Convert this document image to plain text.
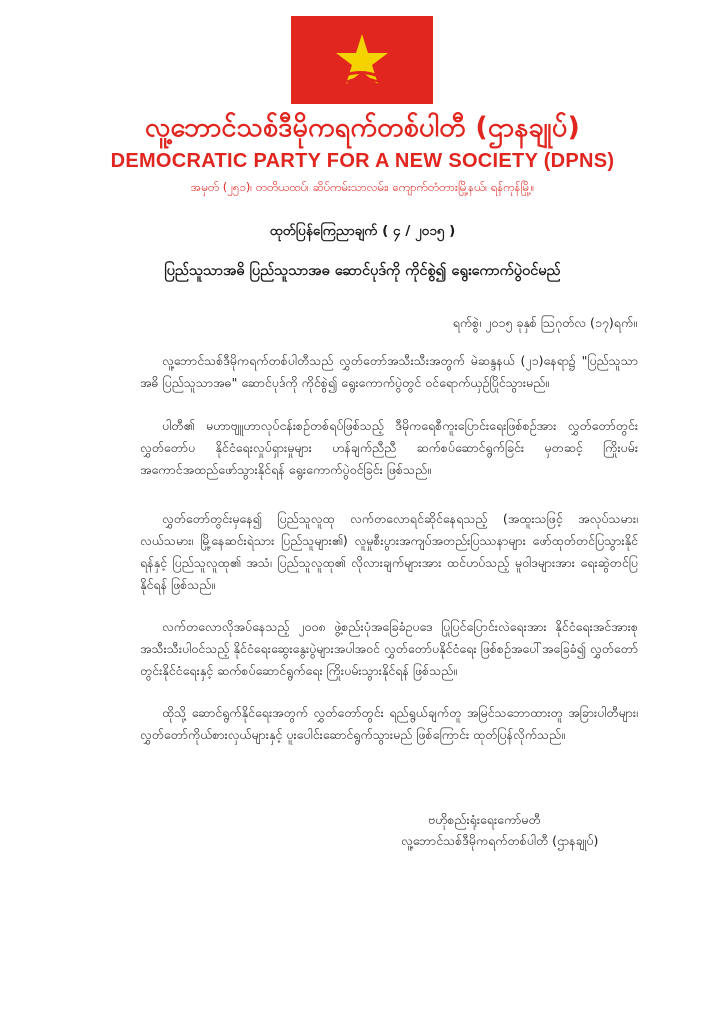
လူ့ဘောင်သစ်ဒီမိုကရက်တစ်ပါတီ (ဌာနချုပ်)
DEMOCRATIC PARTY FOR A NEW SOCIETY (DPNS)
အမှတ် (၂၅၁)၊ တတိယထပ်၊ ဆိပ်ကမ်းသာလမ်း၊ ကျောက်တံတားမြို့နယ်၊ ရန်ကုန်မြို့။
ထုတ်ပြန်ကြေညာချက် ( ၄ / ၂၀၁၅ )
ပြည်သူသာအဓိ ပြည်သူသာအဓ ဆောင်ပုဒ်ကို ကိုင်စွဲ၍ ရွေးကောက်ပွဲဝင်မည်
ရက်စွဲ၊ ၂၀၁၅ ခုနှစ် ဩဂုတ်လ (၁၇)ရက်။

လူ့ဘောင်သစ်ဒီမိုကရက်တစ်ပါတီသည် လွှတ်တော်အသီးသီးအတွက် မဲဆန္ဒနယ် (၂၁)နေရာ၌ "ပြည်သူသာအဓိ ပြည်သူသာအဓ" ဆောင်ပုဒ်ကို ကိုင်စွဲ၍ ရွေးကောက်ပွဲတွင် ဝင်ရောက်ယှဉ်ပြိုင်သွားမည်။

ပါတီ၏ မဟာဗျူဟာလုပ်ငန်းစဉ်တစ်ရပ်ဖြစ်သည့် ဒီမိုကရေစီကူးပြောင်းရေးဖြစ်စဉ်အား လွှတ်တော်တွင်း လွှတ်တော်ပ နိုင်ငံရေးလှုပ်ရှားမှုများ ဟန်ချက်ညီညီ ဆက်စပ်ဆောင်ရွက်ခြင်း မှတဆင့် ကြိုးပမ်းအကောင်အထည်ဖော်သွားနိုင်ရန် ရွေးကောက်ပွဲဝင်ခြင်း ဖြစ်သည်။

လွှတ်တော်တွင်းမှနေ၍ ပြည်သူလူထု လက်တလောရင်ဆိုင်နေရသည့် (အထူးသဖြင့် အလုပ်သမား၊ လယ်သမား၊ မြို့နေဆင်းရဲသား ပြည်သူများ၏) လူမှုစီးပွားအကျပ်အတည်းပြဿနာများ ဖော်ထုတ်တင်ပြသွားနိုင်ရန်နှင့် ပြည်သူလူထု၏ အသံ၊ ပြည်သူလူထု၏ လိုလားချက်များအား ထင်ဟပ်သည့် မူဝါဒများအား ရေးဆွဲတင်ပြနိုင်ရန် ဖြစ်သည်။

လက်တလောလိုအပ်နေသည့် ၂၀၀၈ ဖွဲ့စည်းပုံအခြေခံဥပဒေ ပြုပြင်ပြောင်းလဲရေးအား နိုင်ငံရေးအင်အားစုအသီးသီးပါဝင်သည့် နိုင်ငံရေးဆွေးနွေးပွဲများအပါအဝင် လွှတ်တော်ပနိုင်ငံရေး ဖြစ်စဉ်အပေါ်အခြေခံ၍ လွှတ်တော်တွင်းနိုင်ငံရေးနှင့် ဆက်စပ်ဆောင်ရွက်ရေး ကြိုးပမ်းသွားနိုင်ရန် ဖြစ်သည်။

ထိုသို့ ဆောင်ရွက်နိုင်ရေးအတွက် လွှတ်တော်တွင်း ရည်ရွယ်ချက်တူ အမြင်သဘောထားတူ အခြားပါတီများ၊ လွှတ်တော်ကိုယ်စားလှယ်များနှင့် ပူးပေါင်းဆောင်ရွက်သွားမည် ဖြစ်ကြောင်း ထုတ်ပြန်လိုက်သည်။

ဗဟိုစည်းရုံးရေးကော်မတီ
လူ့ဘောင်သစ်ဒီမိုကရက်တစ်ပါတီ (ဌာနချုပ်)
